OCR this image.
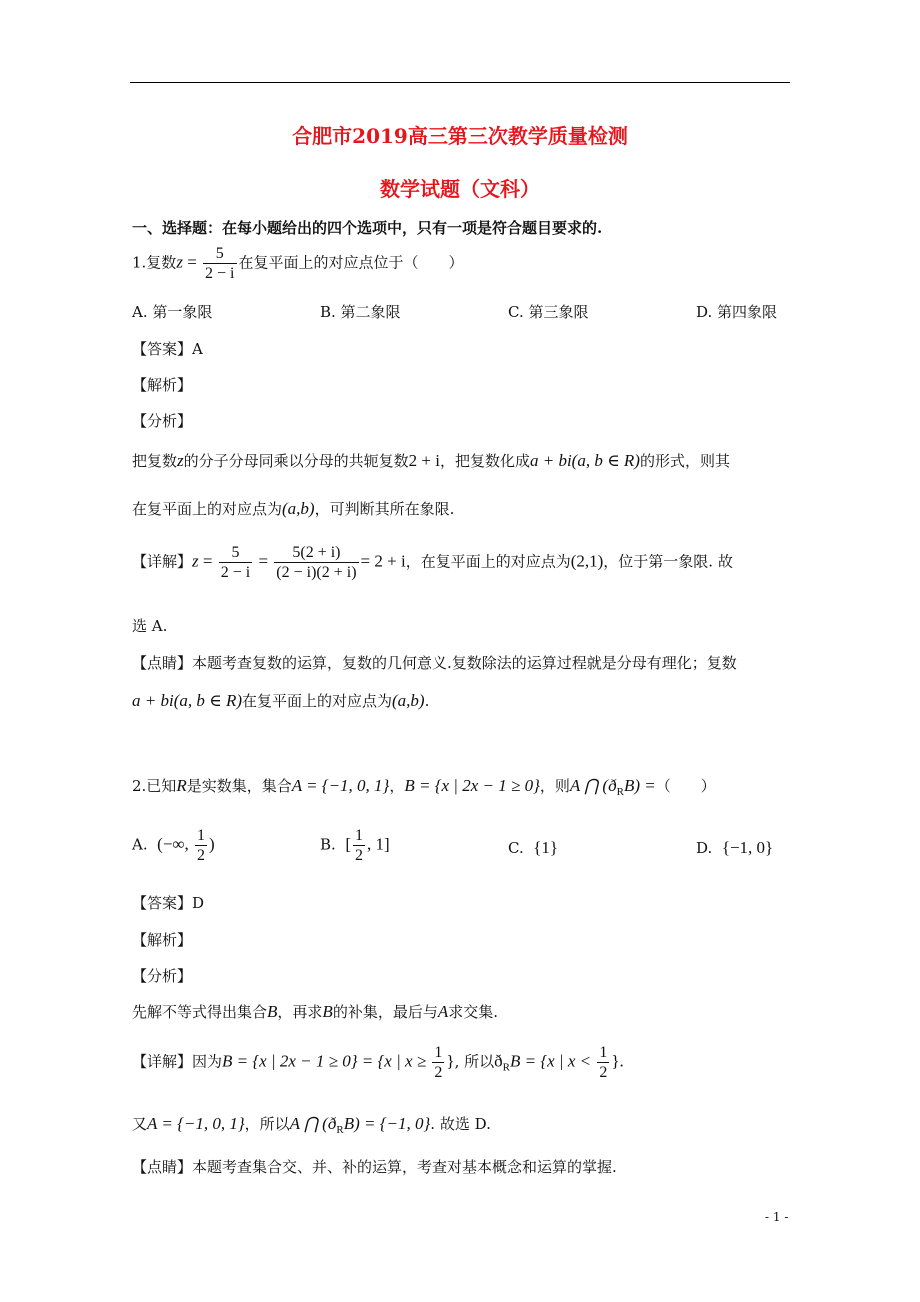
合肥市2019高三第三次教学质量检测
数学试题（文科）
一、选择题：在每小题给出的四个选项中，只有一项是符合题目要求的.
1.复数$z = \frac{5}{2 - i}$ 在复平面上的对应点位于（　　）
A. 第一象限	B. 第二象限	C. 第三象限	D. 第四象限
【答案】A
【解析】
【分析】
把复数z的分子分母同乘以分母的共轭复数2 + i，把复数化成a + bi(a, b ∈ R)的形式，则其
在复平面上的对应点为(a,b)，可判断其所在象限.
【详解】$z = \frac{5}{2 - i} = \frac{5(2 + i)}{(2 - i)(2 + i)} = 2 + i$，在复平面上的对应点为(2,1)，位于第一象限. 故
选 A.
【点睛】本题考查复数的运算，复数的几何意义.复数除法的运算过程就是分母有理化；复数
a + bi(a, b ∈ R)在复平面上的对应点为(a,b).
2.已知R是实数集，集合A = {−1, 0, 1}，B = {x | 2x − 1 ≥ 0}，则A ⋂ $(ð_RB)$ =（　　）
A. (−∞, $\frac{1}{2}$ )	B. [ $\frac{1}{2}$ , 1]	C. {1}	D. {−1, 0}
【答案】D
【解析】
【分析】
先解不等式得出集合B，再求B的补集，最后与A求交集.
【详解】因为B = {x | 2x − 1 ≥ 0} = {x | $x \ge \frac{1}{2}$ }, 所以$ð_RB = \{x$ | $x < \frac{1}{2}$ }.
又A = {−1, 0, 1}，所以A ⋂ $(ð_RB) = \{-1$, 0}. 故选 D.
【点睛】本题考查集合交、并、补的运算，考查对基本概念和运算的掌握.
- 1 -
